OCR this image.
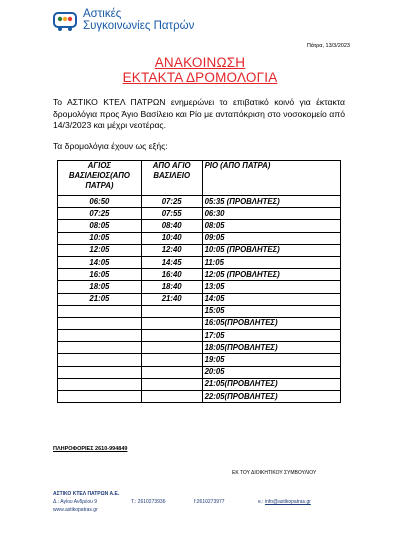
Αστικές
Συγκοινωνίες Πατρών
Πάτρα, 13/3/2023
ΑΝΑΚΟΙΝΩΣΗ
ΕΚΤΑΚΤΑ ΔΡΟΜΟΛΟΓΙΑ
Το ΑΣΤΙΚΟ ΚΤΕΛ ΠΑΤΡΩΝ ενημερώνει το επιβατικό κοινό για έκτακτα δρομολόγια προς Άγιο Βασίλειο και Ρίο με ανταπόκριση στο νοσοκομείο από 14/3/2023 και μέχρι νεοτέρας.
Τα δρομολόγια έχουν ως εξής:
ΑΓΙΟΣ ΒΑΣΙΛΕΙΟΣ(ΑΠΟ ΠΑΤΡΑ)	ΑΠΟ ΑΓΙΟ ΒΑΣΙΛΕΙΟ	ΡΙΟ (ΑΠΟ ΠΑΤΡΑ)
06:50	07:25	05:35 (ΠΡΟΒΛΗΤΕΣ)
07:25	07:55	06:30
08:05	08:40	08:05
10:05	10:40	09:05
12:05	12:40	10:05 (ΠΡΟΒΛΗΤΕΣ)
14:05	14:45	11:05
16:05	16:40	12:05 (ΠΡΟΒΛΗΤΕΣ)
18:05	18:40	13:05
21:05	21:40	14:05
		15:05
		16:05(ΠΡΟΒΛΗΤΕΣ)
		17:05
		18:05(ΠΡΟΒΛΗΤΕΣ)
		19:05
		20:05
		21:05(ΠΡΟΒΛΗΤΕΣ)
		22:05(ΠΡΟΒΛΗΤΕΣ)
ΠΛΗΡΟΦΟΡΙΕΣ 2610-994849
ΕΚ ΤΟΥ ΔΙΟΙΚΗΤΙΚΟΥ ΣΥΜΒΟΥΛΙΟΥ
ΑΣΤΙΚΟ ΚΤΕΛ ΠΑΤΡΩΝ Α.Ε.
Δ.: Αγίου Ανδρέου 9	Τ.: 2610273936	f:2610273977	e.: info@astikopatras.gr
www.astikopatras.gr
